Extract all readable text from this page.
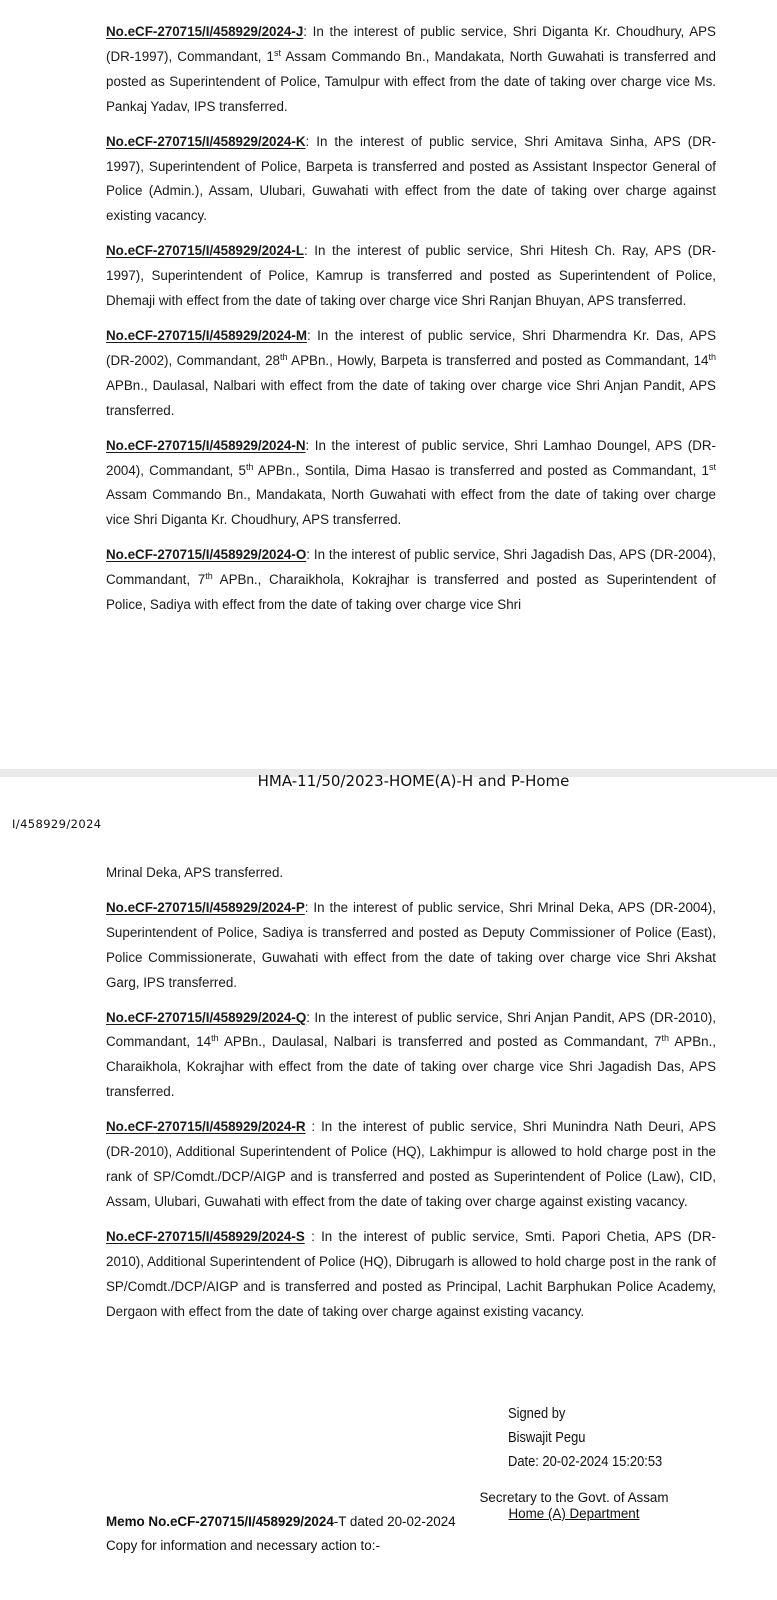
No.eCF-270715/I/458929/2024-J: In the interest of public service, Shri Diganta Kr. Choudhury, APS (DR-1997), Commandant, 1st Assam Commando Bn., Mandakata, North Guwahati is transferred and posted as Superintendent of Police, Tamulpur with effect from the date of taking over charge vice Ms. Pankaj Yadav, IPS transferred.

No.eCF-270715/I/458929/2024-K: In the interest of public service, Shri Amitava Sinha, APS (DR-1997), Superintendent of Police, Barpeta is transferred and posted as Assistant Inspector General of Police (Admin.), Assam, Ulubari, Guwahati with effect from the date of taking over charge against existing vacancy.

No.eCF-270715/I/458929/2024-L: In the interest of public service, Shri Hitesh Ch. Ray, APS (DR-1997), Superintendent of Police, Kamrup is transferred and posted as Superintendent of Police, Dhemaji with effect from the date of taking over charge vice Shri Ranjan Bhuyan, APS transferred.

No.eCF-270715/I/458929/2024-M: In the interest of public service, Shri Dharmendra Kr. Das, APS (DR-2002), Commandant, 28th APBn., Howly, Barpeta is transferred and posted as Commandant, 14th APBn., Daulasal, Nalbari with effect from the date of taking over charge vice Shri Anjan Pandit, APS transferred.

No.eCF-270715/I/458929/2024-N: In the interest of public service, Shri Lamhao Doungel, APS (DR-2004), Commandant, 5th APBn., Sontila, Dima Hasao is transferred and posted as Commandant, 1st Assam Commando Bn., Mandakata, North Guwahati with effect from the date of taking over charge vice Shri Diganta Kr. Choudhury, APS transferred.

No.eCF-270715/I/458929/2024-O: In the interest of public service, Shri Jagadish Das, APS (DR-2004), Commandant, 7th APBn., Charaikhola, Kokrajhar is transferred and posted as Superintendent of Police, Sadiya with effect from the date of taking over charge vice Shri

HMA-11/50/2023-HOME(A)-H and P-Home
I/458929/2024

Mrinal Deka, APS transferred.

No.eCF-270715/I/458929/2024-P: In the interest of public service, Shri Mrinal Deka, APS (DR-2004), Superintendent of Police, Sadiya is transferred and posted as Deputy Commissioner of Police (East), Police Commissionerate, Guwahati with effect from the date of taking over charge vice Shri Akshat Garg, IPS transferred.

No.eCF-270715/I/458929/2024-Q: In the interest of public service, Shri Anjan Pandit, APS (DR-2010), Commandant, 14th APBn., Daulasal, Nalbari is transferred and posted as Commandant, 7th APBn., Charaikhola, Kokrajhar with effect from the date of taking over charge vice Shri Jagadish Das, APS transferred.

No.eCF-270715/I/458929/2024-R : In the interest of public service, Shri Munindra Nath Deuri, APS (DR-2010), Additional Superintendent of Police (HQ), Lakhimpur is allowed to hold charge post in the rank of SP/Comdt./DCP/AIGP and is transferred and posted as Superintendent of Police (Law), CID, Assam, Ulubari, Guwahati with effect from the date of taking over charge against existing vacancy.

No.eCF-270715/I/458929/2024-S : In the interest of public service, Smti. Papori Chetia, APS (DR-2010), Additional Superintendent of Police (HQ), Dibrugarh is allowed to hold charge post in the rank of SP/Comdt./DCP/AIGP and is transferred and posted as Principal, Lachit Barphukan Police Academy, Dergaon with effect from the date of taking over charge against existing vacancy.

Signed by
Biswajit Pegu
Date: 20-02-2024 15:20:53
Secretary to the Govt. of Assam
Home (A) Department
Memo No.eCF-270715/I/458929/2024-T dated 20-02-2024
Copy for information and necessary action to:-
